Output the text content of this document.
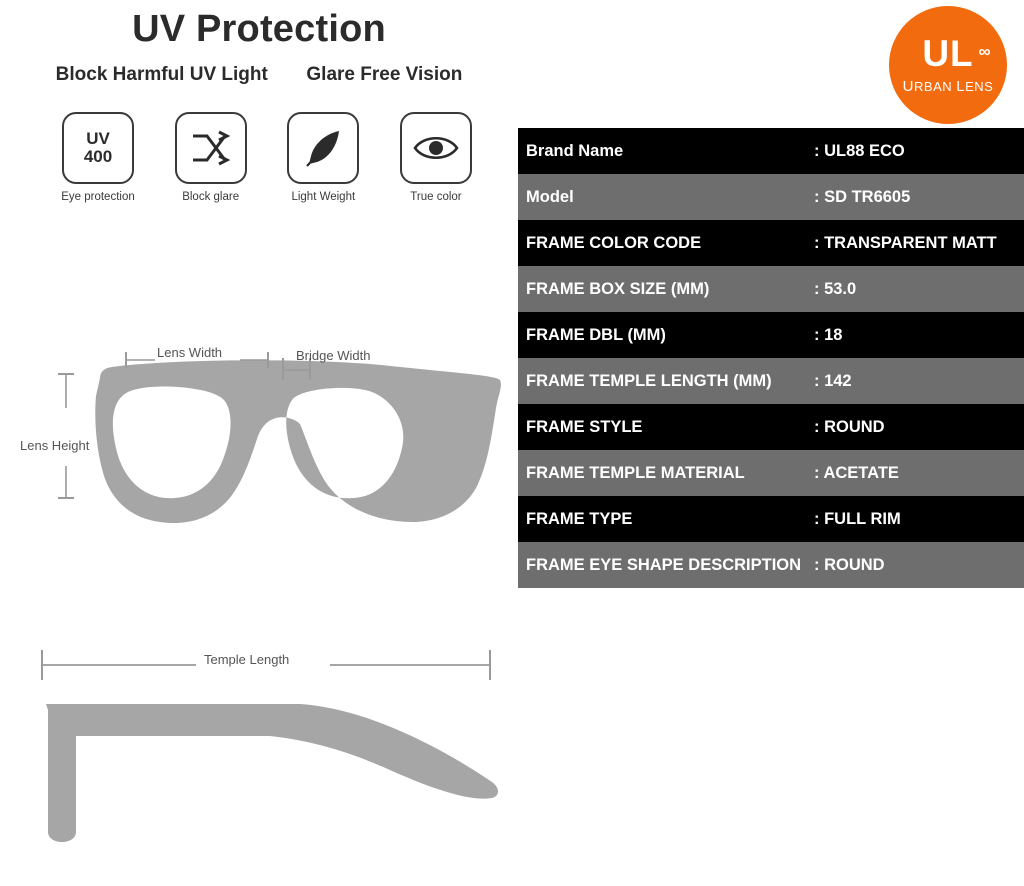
UV Protection
Block Harmful UV Light Glare Free Vision
UV
400
Eye protection	Block glare	Light Weight	True color
Lens Width	Bridge Width
Lens Height
Temple Length
UL ∞
URBAN LENS
Brand Name	: UL88 ECO
Model	: SD TR6605
FRAME COLOR CODE	: TRANSPARENT MATT
FRAME BOX SIZE (MM)	: 53.0
FRAME DBL (MM)	: 18
FRAME TEMPLE LENGTH (MM)	: 142
FRAME STYLE	: ROUND
FRAME TEMPLE MATERIAL	: ACETATE
FRAME TYPE	: FULL RIM
FRAME EYE SHAPE DESCRIPTION : ROUND
